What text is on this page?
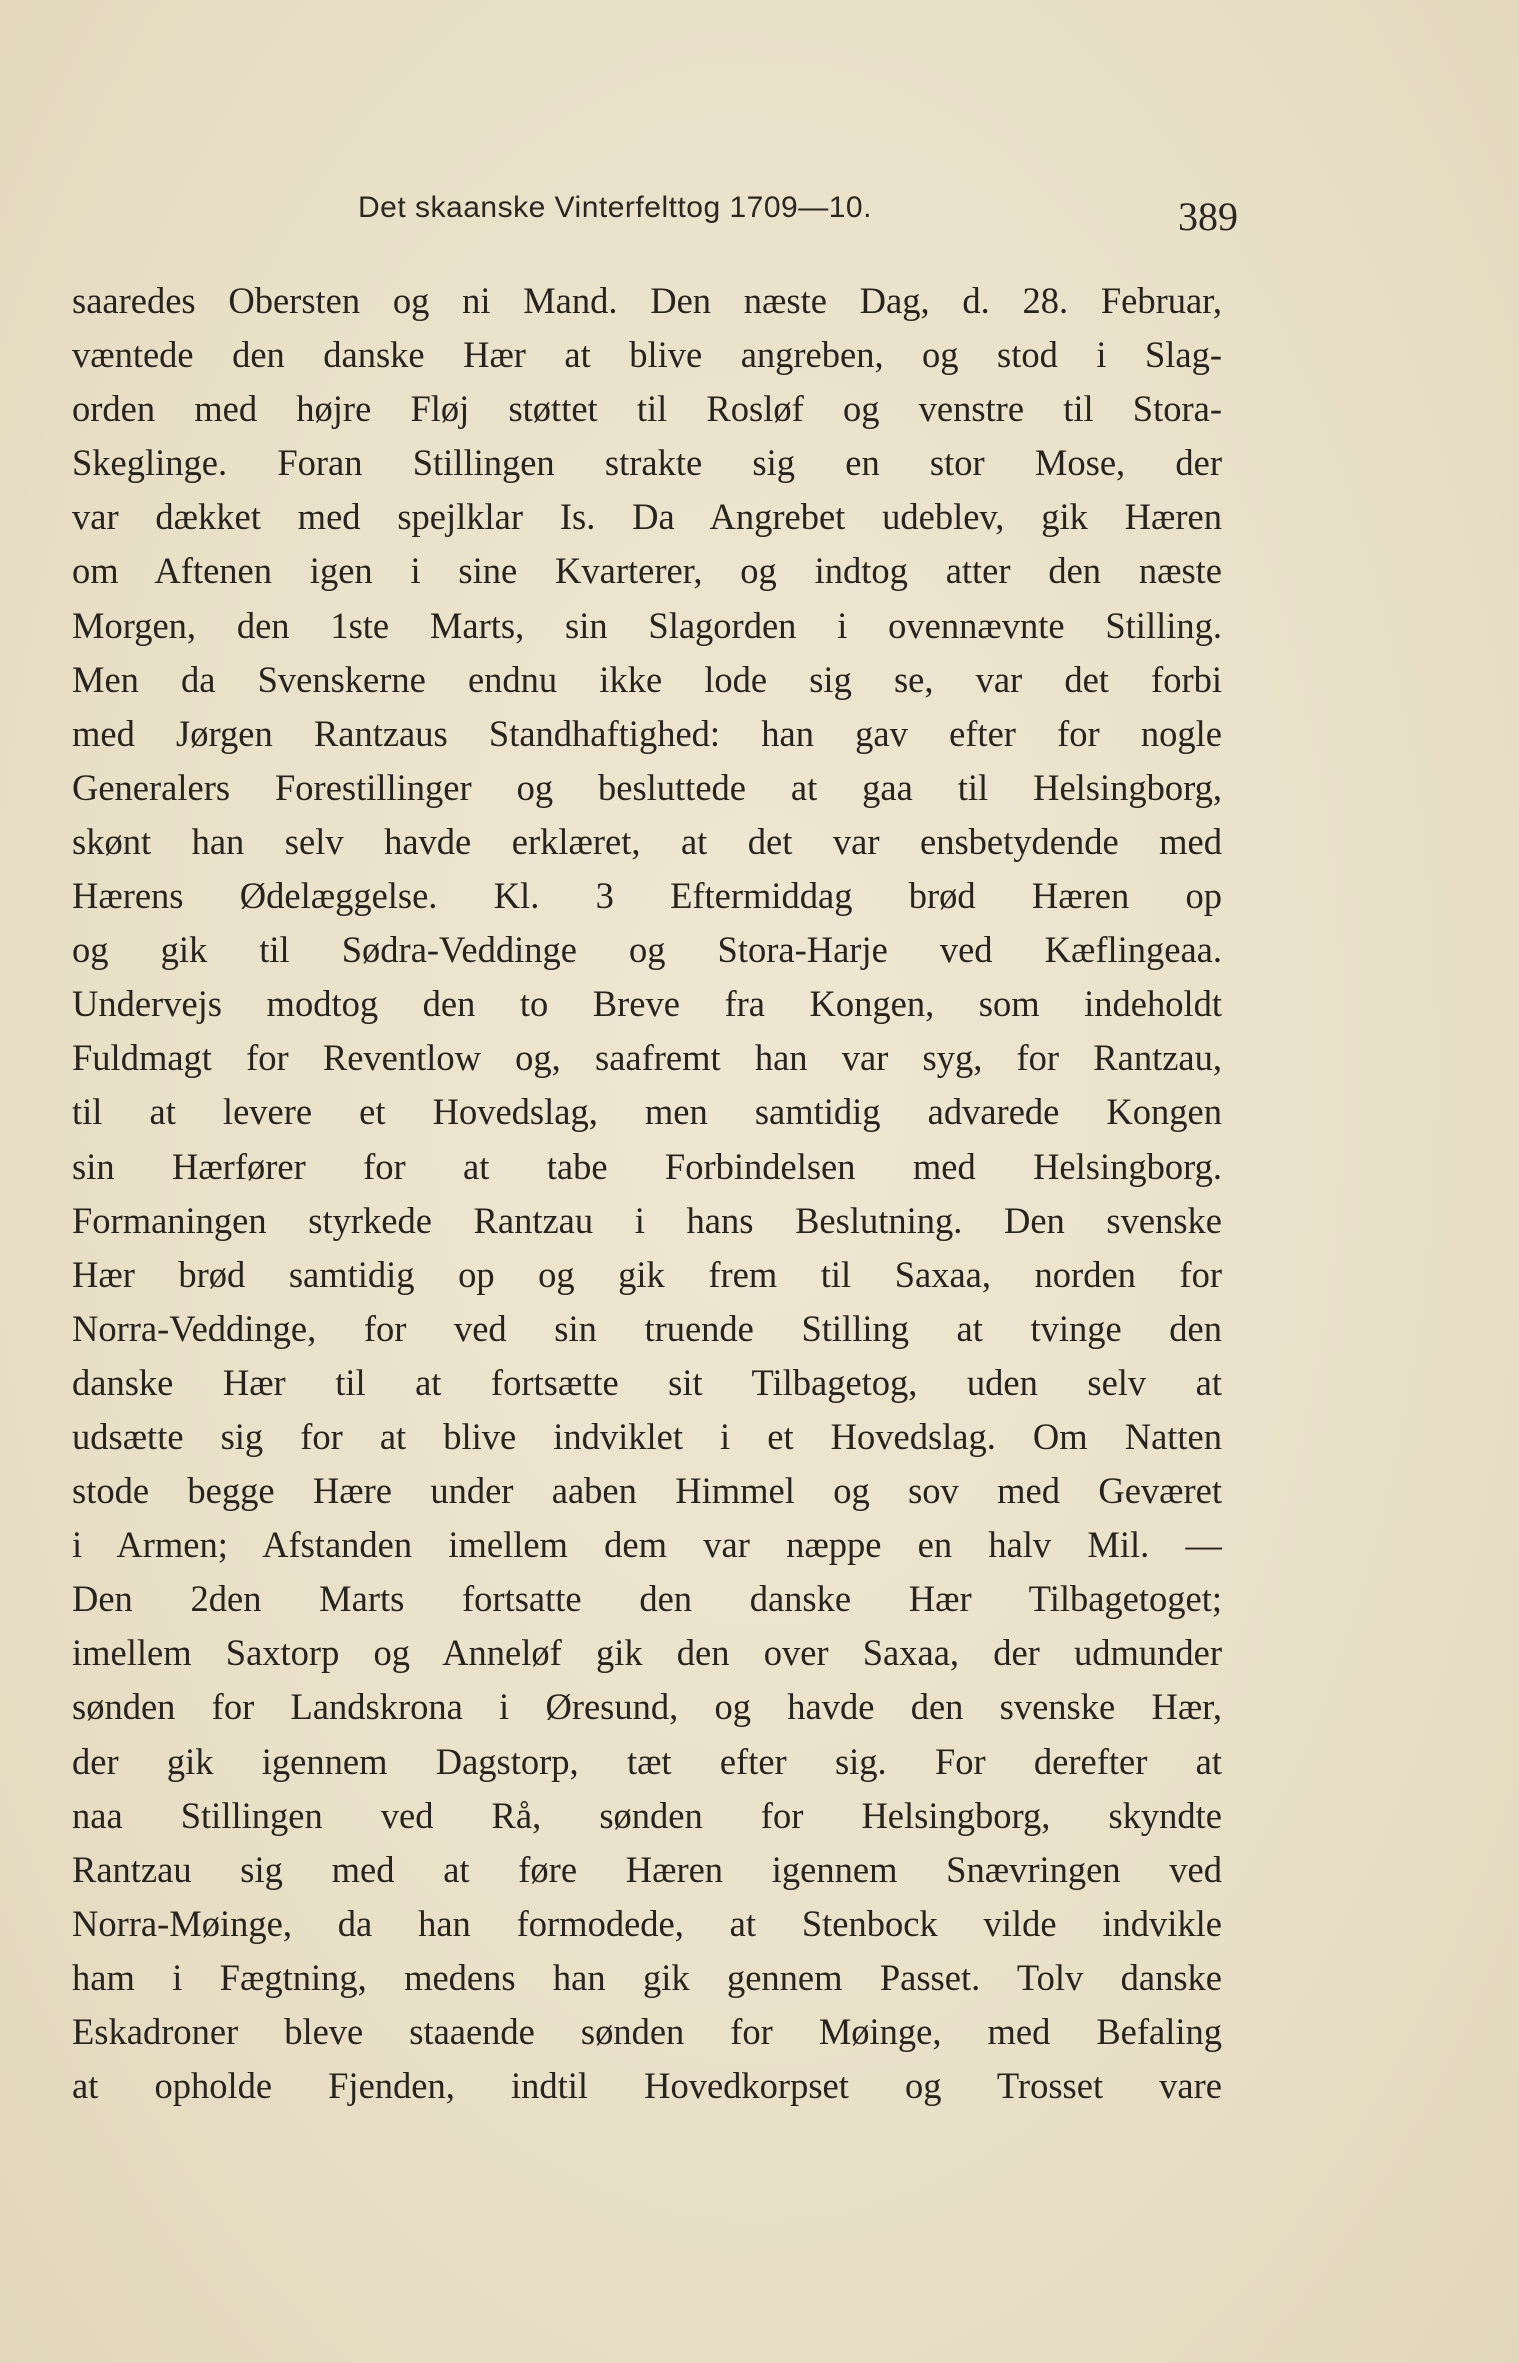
Det skaanske Vinterfelttog 1709—10.	389
saaredes Obersten og ni Mand. Den næste Dag, d. 28. Februar,
væntede den danske Hær at blive angreben, og stod i Slag-
orden med højre Fløj støttet til Rosløf og venstre til Stora-
Skeglinge. Foran Stillingen strakte sig en stor Mose, der
var dækket med spejlklar Is. Da Angrebet udeblev, gik Hæren
om Aftenen igen i sine Kvarterer, og indtog atter den næste
Morgen, den 1ste Marts, sin Slagorden i ovennævnte Stilling.
Men da Svenskerne endnu ikke lode sig se, var det forbi
med Jørgen Rantzaus Standhaftighed: han gav efter for nogle
Generalers Forestillinger og besluttede at gaa til Helsingborg,
skønt han selv havde erklæret, at det var ensbetydende med
Hærens Ødelæggelse. Kl. 3 Eftermiddag brød Hæren op
og gik til Sødra-Veddinge og Stora-Harje ved Kæflingeaa.
Undervejs modtog den to Breve fra Kongen, som indeholdt
Fuldmagt for Reventlow og, saafremt han var syg, for Rantzau,
til at levere et Hovedslag, men samtidig advarede Kongen
sin Hærfører for at tabe Forbindelsen med Helsingborg.
Formaningen styrkede Rantzau i hans Beslutning. Den svenske
Hær brød samtidig op og gik frem til Saxaa, norden for
Norra-Veddinge, for ved sin truende Stilling at tvinge den
danske Hær til at fortsætte sit Tilbagetog, uden selv at
udsætte sig for at blive indviklet i et Hovedslag. Om Natten
stode begge Hære under aaben Himmel og sov med Geværet
i Armen; Afstanden imellem dem var næppe en halv Mil. —
Den 2den Marts fortsatte den danske Hær Tilbagetoget;
imellem Saxtorp og Anneløf gik den over Saxaa, der udmunder
sønden for Landskrona i Øresund, og havde den svenske Hær,
der gik igennem Dagstorp, tæt efter sig. For derefter at
naa Stillingen ved Rå, sønden for Helsingborg, skyndte
Rantzau sig med at føre Hæren igennem Snævringen ved
Norra-Møinge, da han formodede, at Stenbock vilde indvikle
ham i Fægtning, medens han gik gennem Passet. Tolv danske
Eskadroner bleve staaende sønden for Møinge, med Befaling
at opholde Fjenden, indtil Hovedkorpset og Trosset vare
